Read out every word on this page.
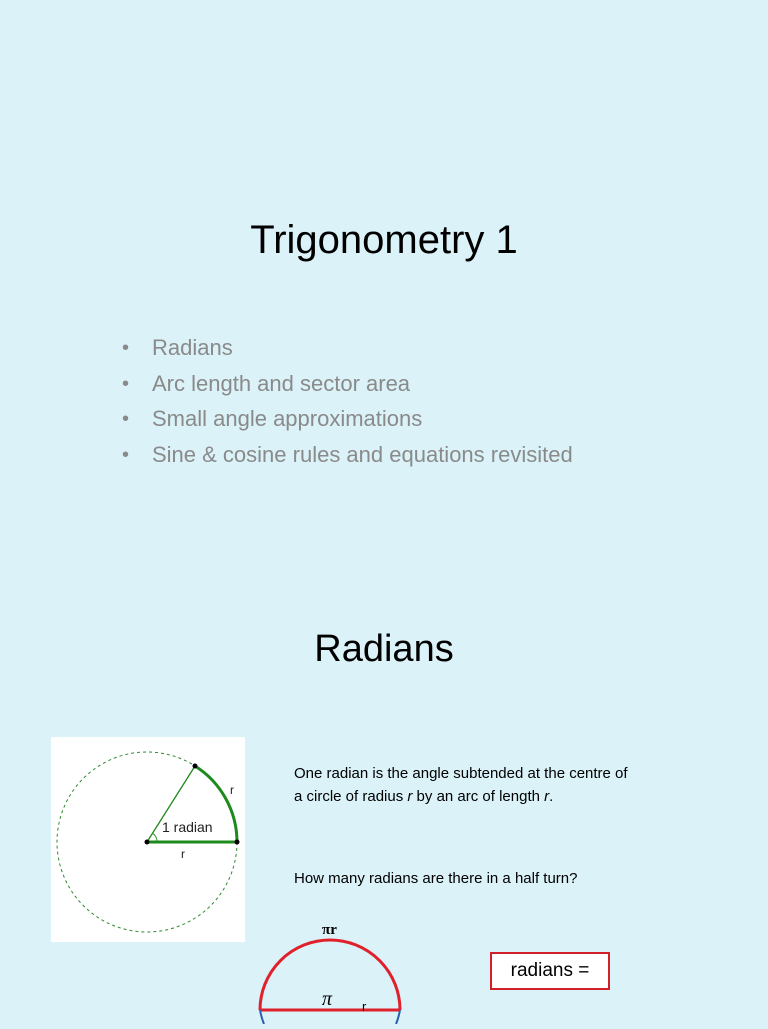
Trigonometry 1
• Radians
• Arc length and sector area
• Small angle approximations
• Sine & cosine rules and equations revisited
Radians
1 radian
r
r
One radian is the angle subtended at the centre of a circle of radius r by an arc of length r.
How many radians are there in a half turn?
πr
π r
radians =
